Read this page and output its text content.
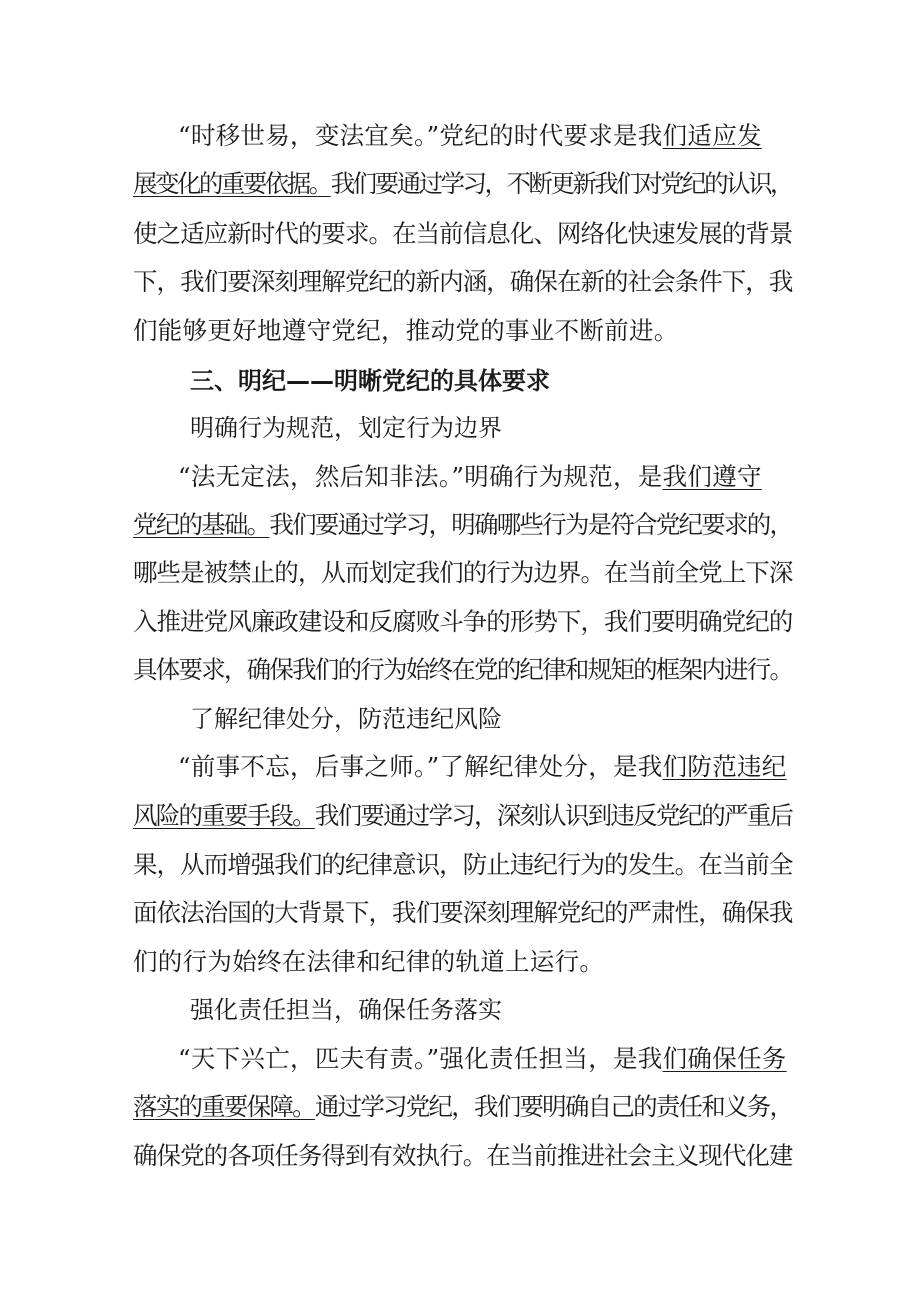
“时移世易，变法宜矣。”党纪的时代要求是我们适应发
展变化的重要依据。我们要通过学习，不断更新我们对党纪的认识，
使之适应新时代的要求。在当前信息化、网络化快速发展的背景
下，我们要深刻理解党纪的新内涵，确保在新的社会条件下，我
们能够更好地遵守党纪，推动党的事业不断前进。
三、明纪——明晰党纪的具体要求
明确行为规范，划定行为边界
“法无定法，然后知非法。”明确行为规范，是我们遵守
党纪的基础。我们要通过学习，明确哪些行为是符合党纪要求的，
哪些是被禁止的，从而划定我们的行为边界。在当前全党上下深
入推进党风廉政建设和反腐败斗争的形势下，我们要明确党纪的
具体要求，确保我们的行为始终在党的纪律和规矩的框架内进行。
了解纪律处分，防范违纪风险
“前事不忘，后事之师。”了解纪律处分，是我们防范违纪
风险的重要手段。我们要通过学习，深刻认识到违反党纪的严重后
果，从而增强我们的纪律意识，防止违纪行为的发生。在当前全
面依法治国的大背景下，我们要深刻理解党纪的严肃性，确保我
们的行为始终在法律和纪律的轨道上运行。
强化责任担当，确保任务落实
“天下兴亡，匹夫有责。”强化责任担当，是我们确保任务
落实的重要保障。通过学习党纪，我们要明确自己的责任和义务，
确保党的各项任务得到有效执行。在当前推进社会主义现代化建
